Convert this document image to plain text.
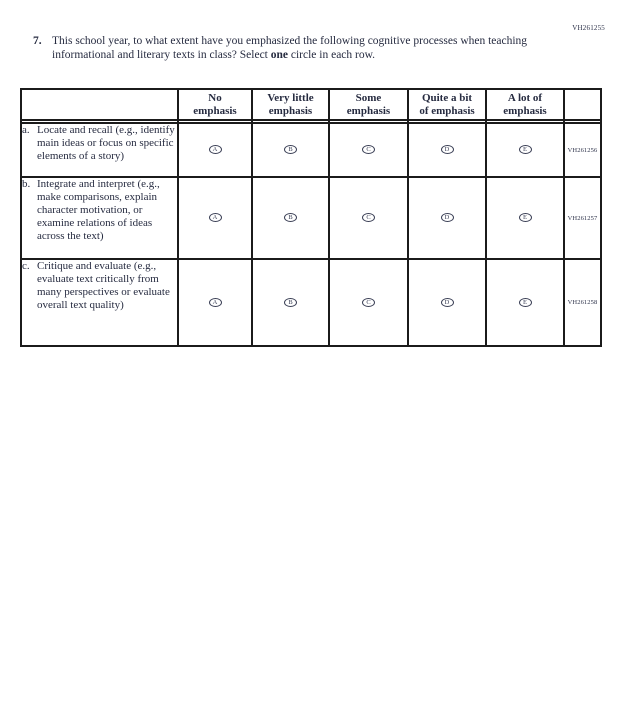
VH261255
7. This school year, to what extent have you emphasized the following cognitive processes when teaching informational and literary texts in class? Select one circle in each row.

No
emphasis

Very little
emphasis

Some
emphasis

Quite a bit
of emphasis

A lot of
emphasis

a. Locate and recall (e.g., identify main ideas or focus on specific elements of a story)	A	B	C	D	E	VH261256

b. Integrate and interpret (e.g., make comparisons, explain character motivation, or examine relations of ideas across the text)	A	B	C	D	E	VH261257

c. Critique and evaluate (e.g., evaluate text critically from many perspectives or evaluate overall text quality)	A	B	C	D	E	VH261258
